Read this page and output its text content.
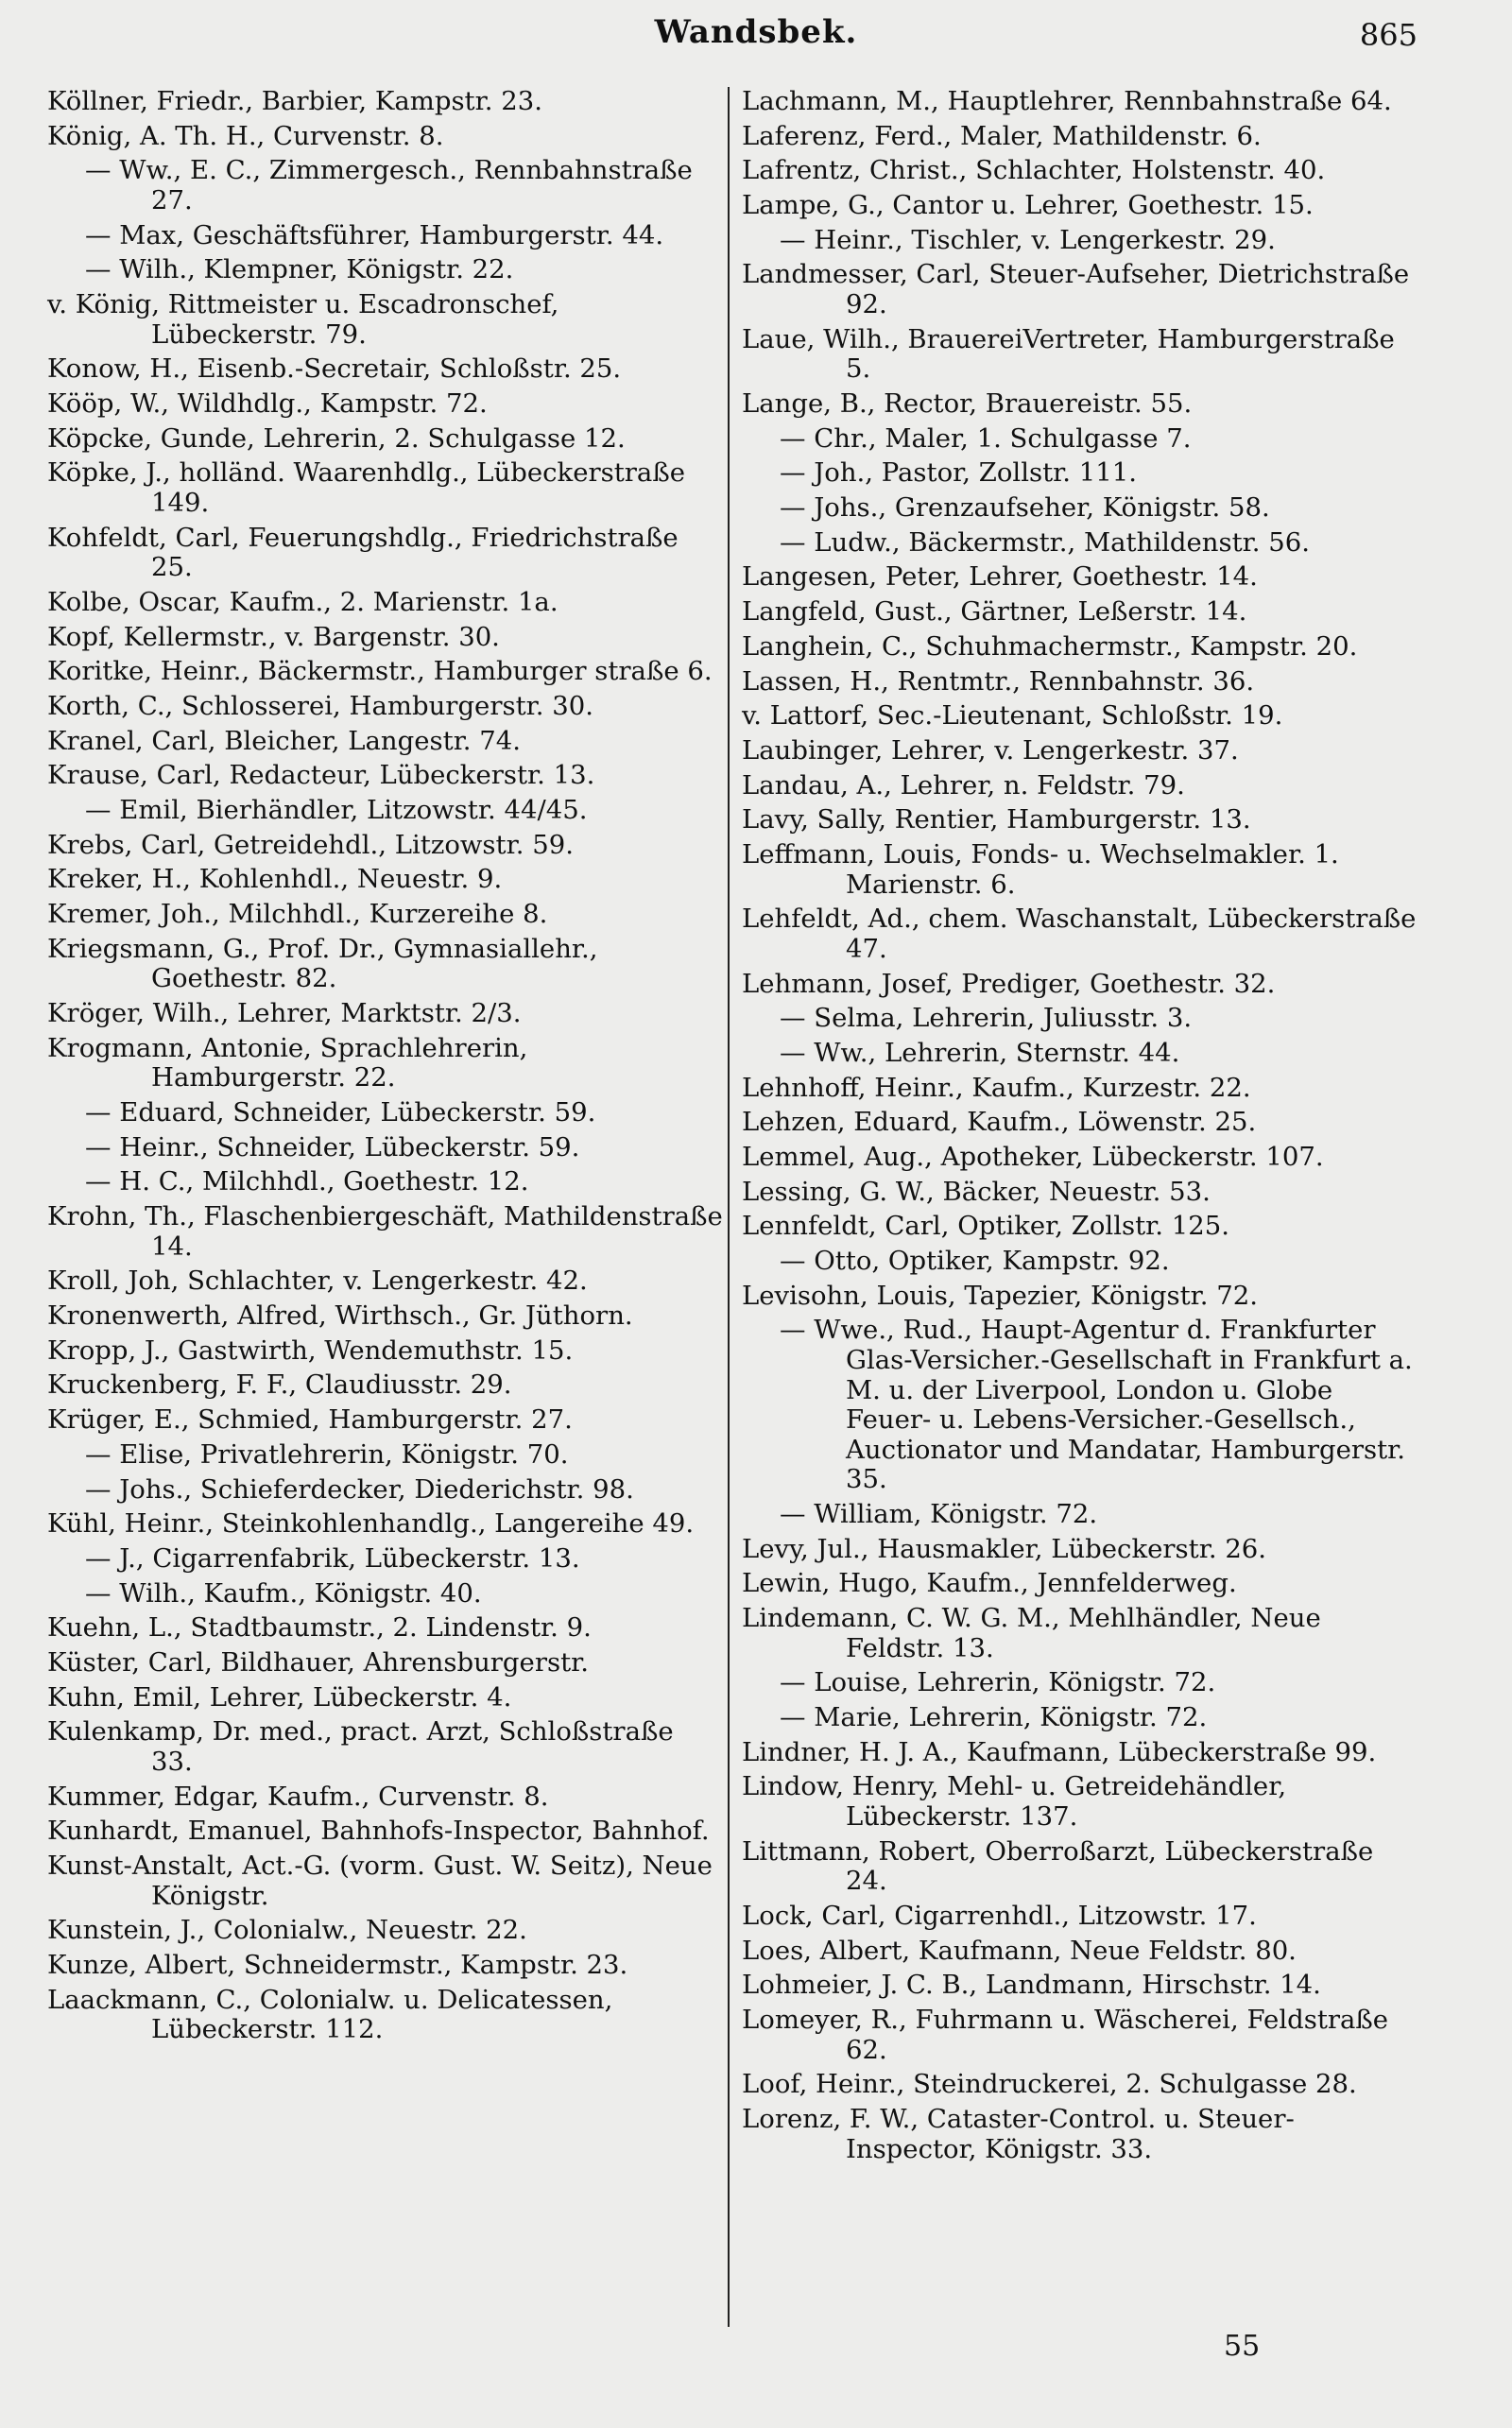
Wandsbek.	865

Köllner, Friedr., Barbier, Kampstr. 23.

König, A. Th. H., Curvenstr. 8.

— Ww., E. C., Zimmergesch., Rennbahnstraße 27.

— Max, Geschäftsführer, Hamburgerstr. 44.

— Wilh., Klempner, Königstr. 22.

v. König, Rittmeister u. Escadronschef, Lübeckerstr. 79.

Konow, H., Eisenb.-Secretair, Schloßstr. 25.

Kööp, W., Wildhdlg., Kampstr. 72.

Köpcke, Gunde, Lehrerin, 2. Schulgasse 12.

Köpke, J., holländ. Waarenhdlg., Lübeckerstraße 149.

Kohfeldt, Carl, Feuerungshdlg., Friedrichstraße 25.

Kolbe, Oscar, Kaufm., 2. Marienstr. 1a.

Kopf, Kellermstr., v. Bargenstr. 30.

Koritke, Heinr., Bäckermstr., Hamburger straße 6.

Korth, C., Schlosserei, Hamburgerstr. 30.

Kranel, Carl, Bleicher, Langestr. 74.

Krause, Carl, Redacteur, Lübeckerstr. 13.

— Emil, Bierhändler, Litzowstr. 44/45.

Krebs, Carl, Getreidehdl., Litzowstr. 59.

Kreker, H., Kohlenhdl., Neuestr. 9.

Kremer, Joh., Milchhdl., Kurzereihe 8.

Kriegsmann, G., Prof. Dr., Gymnasiallehr., Goethestr. 82.

Kröger, Wilh., Lehrer, Marktstr. 2/3.

Krogmann, Antonie, Sprachlehrerin, Hamburgerstr. 22.

— Eduard, Schneider, Lübeckerstr. 59.

— Heinr., Schneider, Lübeckerstr. 59.

— H. C., Milchhdl., Goethestr. 12.

Krohn, Th., Flaschenbiergeschäft, Mathildenstraße 14.

Kroll, Joh, Schlachter, v. Lengerkestr. 42.

Kronenwerth, Alfred, Wirthsch., Gr. Jüthorn.

Kropp, J., Gastwirth, Wendemuthstr. 15.

Kruckenberg, F. F., Claudiusstr. 29.

Krüger, E., Schmied, Hamburgerstr. 27.

— Elise, Privatlehrerin, Königstr. 70.

— Johs., Schieferdecker, Diederichstr. 98.

Kühl, Heinr., Steinkohlenhandlg., Langereihe 49.

— J., Cigarrenfabrik, Lübeckerstr. 13.

— Wilh., Kaufm., Königstr. 40.

Kuehn, L., Stadtbaumstr., 2. Lindenstr. 9.

Küster, Carl, Bildhauer, Ahrensburgerstr.

Kuhn, Emil, Lehrer, Lübeckerstr. 4.

Kulenkamp, Dr. med., pract. Arzt, Schloßstraße 33.

Kummer, Edgar, Kaufm., Curvenstr. 8.

Kunhardt, Emanuel, Bahnhofs-Inspector, Bahnhof.

Kunst-Anstalt, Act.-G. (vorm. Gust. W. Seitz), Neue Königstr.

Kunstein, J., Colonialw., Neuestr. 22.

Kunze, Albert, Schneidermstr., Kampstr. 23.

Laackmann, C., Colonialw. u. Delicatessen, Lübeckerstr. 112.

Lachmann, M., Hauptlehrer, Rennbahnstraße 64.

Laferenz, Ferd., Maler, Mathildenstr. 6.

Lafrentz, Christ., Schlachter, Holstenstr. 40.

Lampe, G., Cantor u. Lehrer, Goethestr. 15.

— Heinr., Tischler, v. Lengerkestr. 29.

Landmesser, Carl, Steuer-Aufseher, Dietrichstraße 92.

Laue, Wilh., BrauereiVertreter, Hamburgerstraße 5.

Lange, B., Rector, Brauereistr. 55.

— Chr., Maler, 1. Schulgasse 7.

— Joh., Pastor, Zollstr. 111.

— Johs., Grenzaufseher, Königstr. 58.

— Ludw., Bäckermstr., Mathildenstr. 56.

Langesen, Peter, Lehrer, Goethestr. 14.

Langfeld, Gust., Gärtner, Leßerstr. 14.

Langhein, C., Schuhmachermstr., Kampstr. 20.

Lassen, H., Rentmtr., Rennbahnstr. 36.

v. Lattorf, Sec.-Lieutenant, Schloßstr. 19.

Laubinger, Lehrer, v. Lengerkestr. 37.

Landau, A., Lehrer, n. Feldstr. 79.

Lavy, Sally, Rentier, Hamburgerstr. 13.

Leffmann, Louis, Fonds- u. Wechselmakler. 1. Marienstr. 6.

Lehfeldt, Ad., chem. Waschanstalt, Lübeckerstraße 47.

Lehmann, Josef, Prediger, Goethestr. 32.

— Selma, Lehrerin, Juliusstr. 3.

— Ww., Lehrerin, Sternstr. 44.

Lehnhoff, Heinr., Kaufm., Kurzestr. 22.

Lehzen, Eduard, Kaufm., Löwenstr. 25.

Lemmel, Aug., Apotheker, Lübeckerstr. 107.

Lessing, G. W., Bäcker, Neuestr. 53.

Lennfeldt, Carl, Optiker, Zollstr. 125.

— Otto, Optiker, Kampstr. 92.

Levisohn, Louis, Tapezier, Königstr. 72.

— Wwe., Rud., Haupt-Agentur d. Frankfurter Glas-Versicher.-Gesellschaft in Frankfurt a. M. u. der Liverpool, London u. Globe Feuer- u. Lebens-Versicher.-Gesellsch., Auctionator und Mandatar, Hamburgerstr. 35.

— William, Königstr. 72.

Levy, Jul., Hausmakler, Lübeckerstr. 26.

Lewin, Hugo, Kaufm., Jennfelderweg.

Lindemann, C. W. G. M., Mehlhändler, Neue Feldstr. 13.

— Louise, Lehrerin, Königstr. 72.

— Marie, Lehrerin, Königstr. 72.

Lindner, H. J. A., Kaufmann, Lübeckerstraße 99.

Lindow, Henry, Mehl- u. Getreidehändler, Lübeckerstr. 137.

Littmann, Robert, Oberroßarzt, Lübeckerstraße 24.

Lock, Carl, Cigarrenhdl., Litzowstr. 17.

Loes, Albert, Kaufmann, Neue Feldstr. 80.

Lohmeier, J. C. B., Landmann, Hirschstr. 14.

Lomeyer, R., Fuhrmann u. Wäscherei, Feldstraße 62.

Loof, Heinr., Steindruckerei, 2. Schulgasse 28.

Lorenz, F. W., Cataster-Control. u. Steuer-Inspector, Königstr. 33.

55
